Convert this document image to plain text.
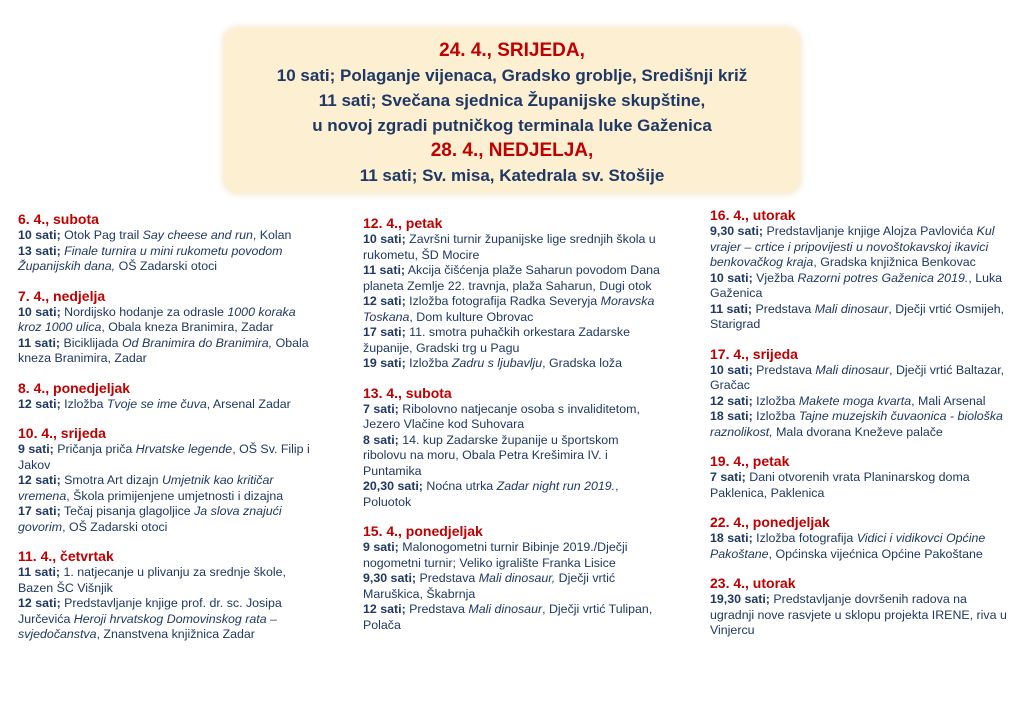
24. 4., SRIJEDA,
10 sati; Polaganje vijenaca, Gradsko groblje, Središnji križ
11 sati; Svečana sjednica Županijske skupštine,
u novoj zgradi putničkog terminala luke Gaženica
28. 4., NEDJELJA,
11 sati; Sv. misa, Katedrala sv. Stošije
6. 4., subota
10 sati; Otok Pag trail Say cheese and run, Kolan
13 sati; Finale turnira u mini rukometu povodom Županijskih dana, OŠ Zadarski otoci
7. 4., nedjelja
10 sati; Nordijsko hodanje za odrasle 1000 koraka kroz 1000 ulica, Obala kneza Branimira, Zadar
11 sati; Biciklijada Od Branimira do Branimira, Obala kneza Branimira, Zadar
8. 4., ponedjeljak
12 sati; Izložba Tvoje se ime čuva, Arsenal Zadar
10. 4., srijeda
9 sati; Pričanja priča Hrvatske legende, OŠ Sv. Filip i Jakov
12 sati; Smotra Art dizajn Umjetnik kao kritičar vremena, Škola primijenjene umjetnosti i dizajna
17 sati; Tečaj pisanja glagoljice Ja slova znajući govorim, OŠ Zadarski otoci
11. 4., četvrtak
11 sati; 1. natjecanje u plivanju za srednje škole, Bazen ŠC Višnjik
12 sati; Predstavljanje knjige prof. dr. sc. Josipa Jurčevića Heroji hrvatskog Domovinskog rata – svjedočanstva, Znanstvena knjižnica Zadar
12. 4., petak
10 sati; Završni turnir županijske lige srednjih škola u rukometu, ŠD Mocire
11 sati; Akcija čišćenja plaže Saharun povodom Dana planeta Zemlje 22. travnja, plaža Saharun, Dugi otok
12 sati; Izložba fotografija Radka Severyja Moravska Toskana, Dom kulture Obrovac
17 sati; 11. smotra puhačkih orkestara Zadarske županije, Gradski trg u Pagu
19 sati; Izložba Zadru s ljubavlju, Gradska loža
13. 4., subota
7 sati; Ribolovno natjecanje osoba s invaliditetom, Jezero Vlačine kod Suhovara
8 sati; 14. kup Zadarske županije u športskom ribolovu na moru, Obala Petra Krešimira IV. i Puntamika
20,30 sati; Noćna utrka Zadar night run 2019., Poluotok
15. 4., ponedjeljak
9 sati; Malonogometni turnir Bibinje 2019./Dječji nogometni turnir; Veliko igralište Franka Lisice
9,30 sati; Predstava Mali dinosaur, Dječji vrtić Maruškica, Škabrnja
12 sati; Predstava Mali dinosaur, Dječji vrtić Tulipan, Polača
16. 4., utorak
9,30 sati; Predstavljanje knjige Alojza Pavlovića Kul vrajer – crtice i pripovijesti u novoštokavskoj ikavici benkovačkog kraja, Gradska knjižnica Benkovac
10 sati; Vježba Razorni potres Gaženica 2019., Luka Gaženica
11 sati; Predstava Mali dinosaur, Dječji vrtić Osmijeh, Starigrad
17. 4., srijeda
10 sati; Predstava Mali dinosaur, Dječji vrtić Baltazar, Gračac
12 sati; Izložba Makete moga kvarta, Mali Arsenal
18 sati; Izložba Tajne muzejskih čuvaonica - biološka raznolikost, Mala dvorana Kneževe palače
19. 4., petak
7 sati; Dani otvorenih vrata Planinarskog doma Paklenica, Paklenica
22. 4., ponedjeljak
18 sati; Izložba fotografija Vidici i vidikovci Općine Pakoštane, Općinska vijećnica Općine Pakoštane
23. 4., utorak
19,30 sati; Predstavljanje dovršenih radova na ugradnji nove rasvjete u sklopu projekta IRENE, riva u Vinjercu
